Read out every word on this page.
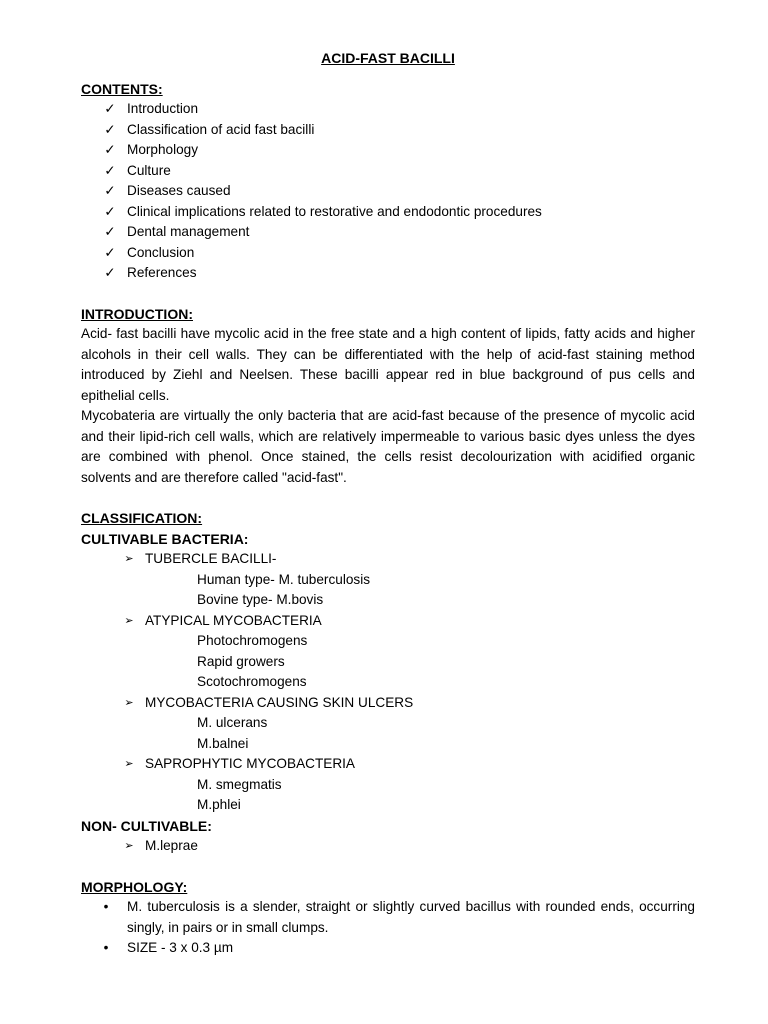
ACID-FAST BACILLI
CONTENTS:
✓ Introduction
✓ Classification of acid fast bacilli
✓ Morphology
✓ Culture
✓ Diseases caused
✓ Clinical implications related to restorative and endodontic procedures
✓ Dental management
✓ Conclusion
✓ References
INTRODUCTION:
Acid- fast bacilli have mycolic acid in the free state and a high content of lipids, fatty acids and higher alcohols in their cell walls. They can be differentiated with the help of acid-fast staining method introduced by Ziehl and Neelsen. These bacilli appear red in blue background of pus cells and epithelial cells.
Mycobateria are virtually the only bacteria that are acid-fast because of the presence of mycolic acid and their lipid-rich cell walls, which are relatively impermeable to various basic dyes unless the dyes are combined with phenol. Once stained, the cells resist decolourization with acidified organic solvents and are therefore called "acid-fast".
CLASSIFICATION:
CULTIVABLE BACTERIA:
➢ TUBERCLE BACILLI-
Human type- M. tuberculosis
Bovine type- M.bovis
➢ ATYPICAL MYCOBACTERIA
Photochromogens
Rapid growers
Scotochromogens
➢ MYCOBACTERIA CAUSING SKIN ULCERS
M. ulcerans
M.balnei
➢ SAPROPHYTIC MYCOBACTERIA
M. smegmatis
M.phlei
NON- CULTIVABLE:
➢ M.leprae
MORPHOLOGY:
• M. tuberculosis is a slender, straight or slightly curved bacillus with rounded ends, occurring singly, in pairs or in small clumps.
• SIZE - 3 x 0.3 µm
